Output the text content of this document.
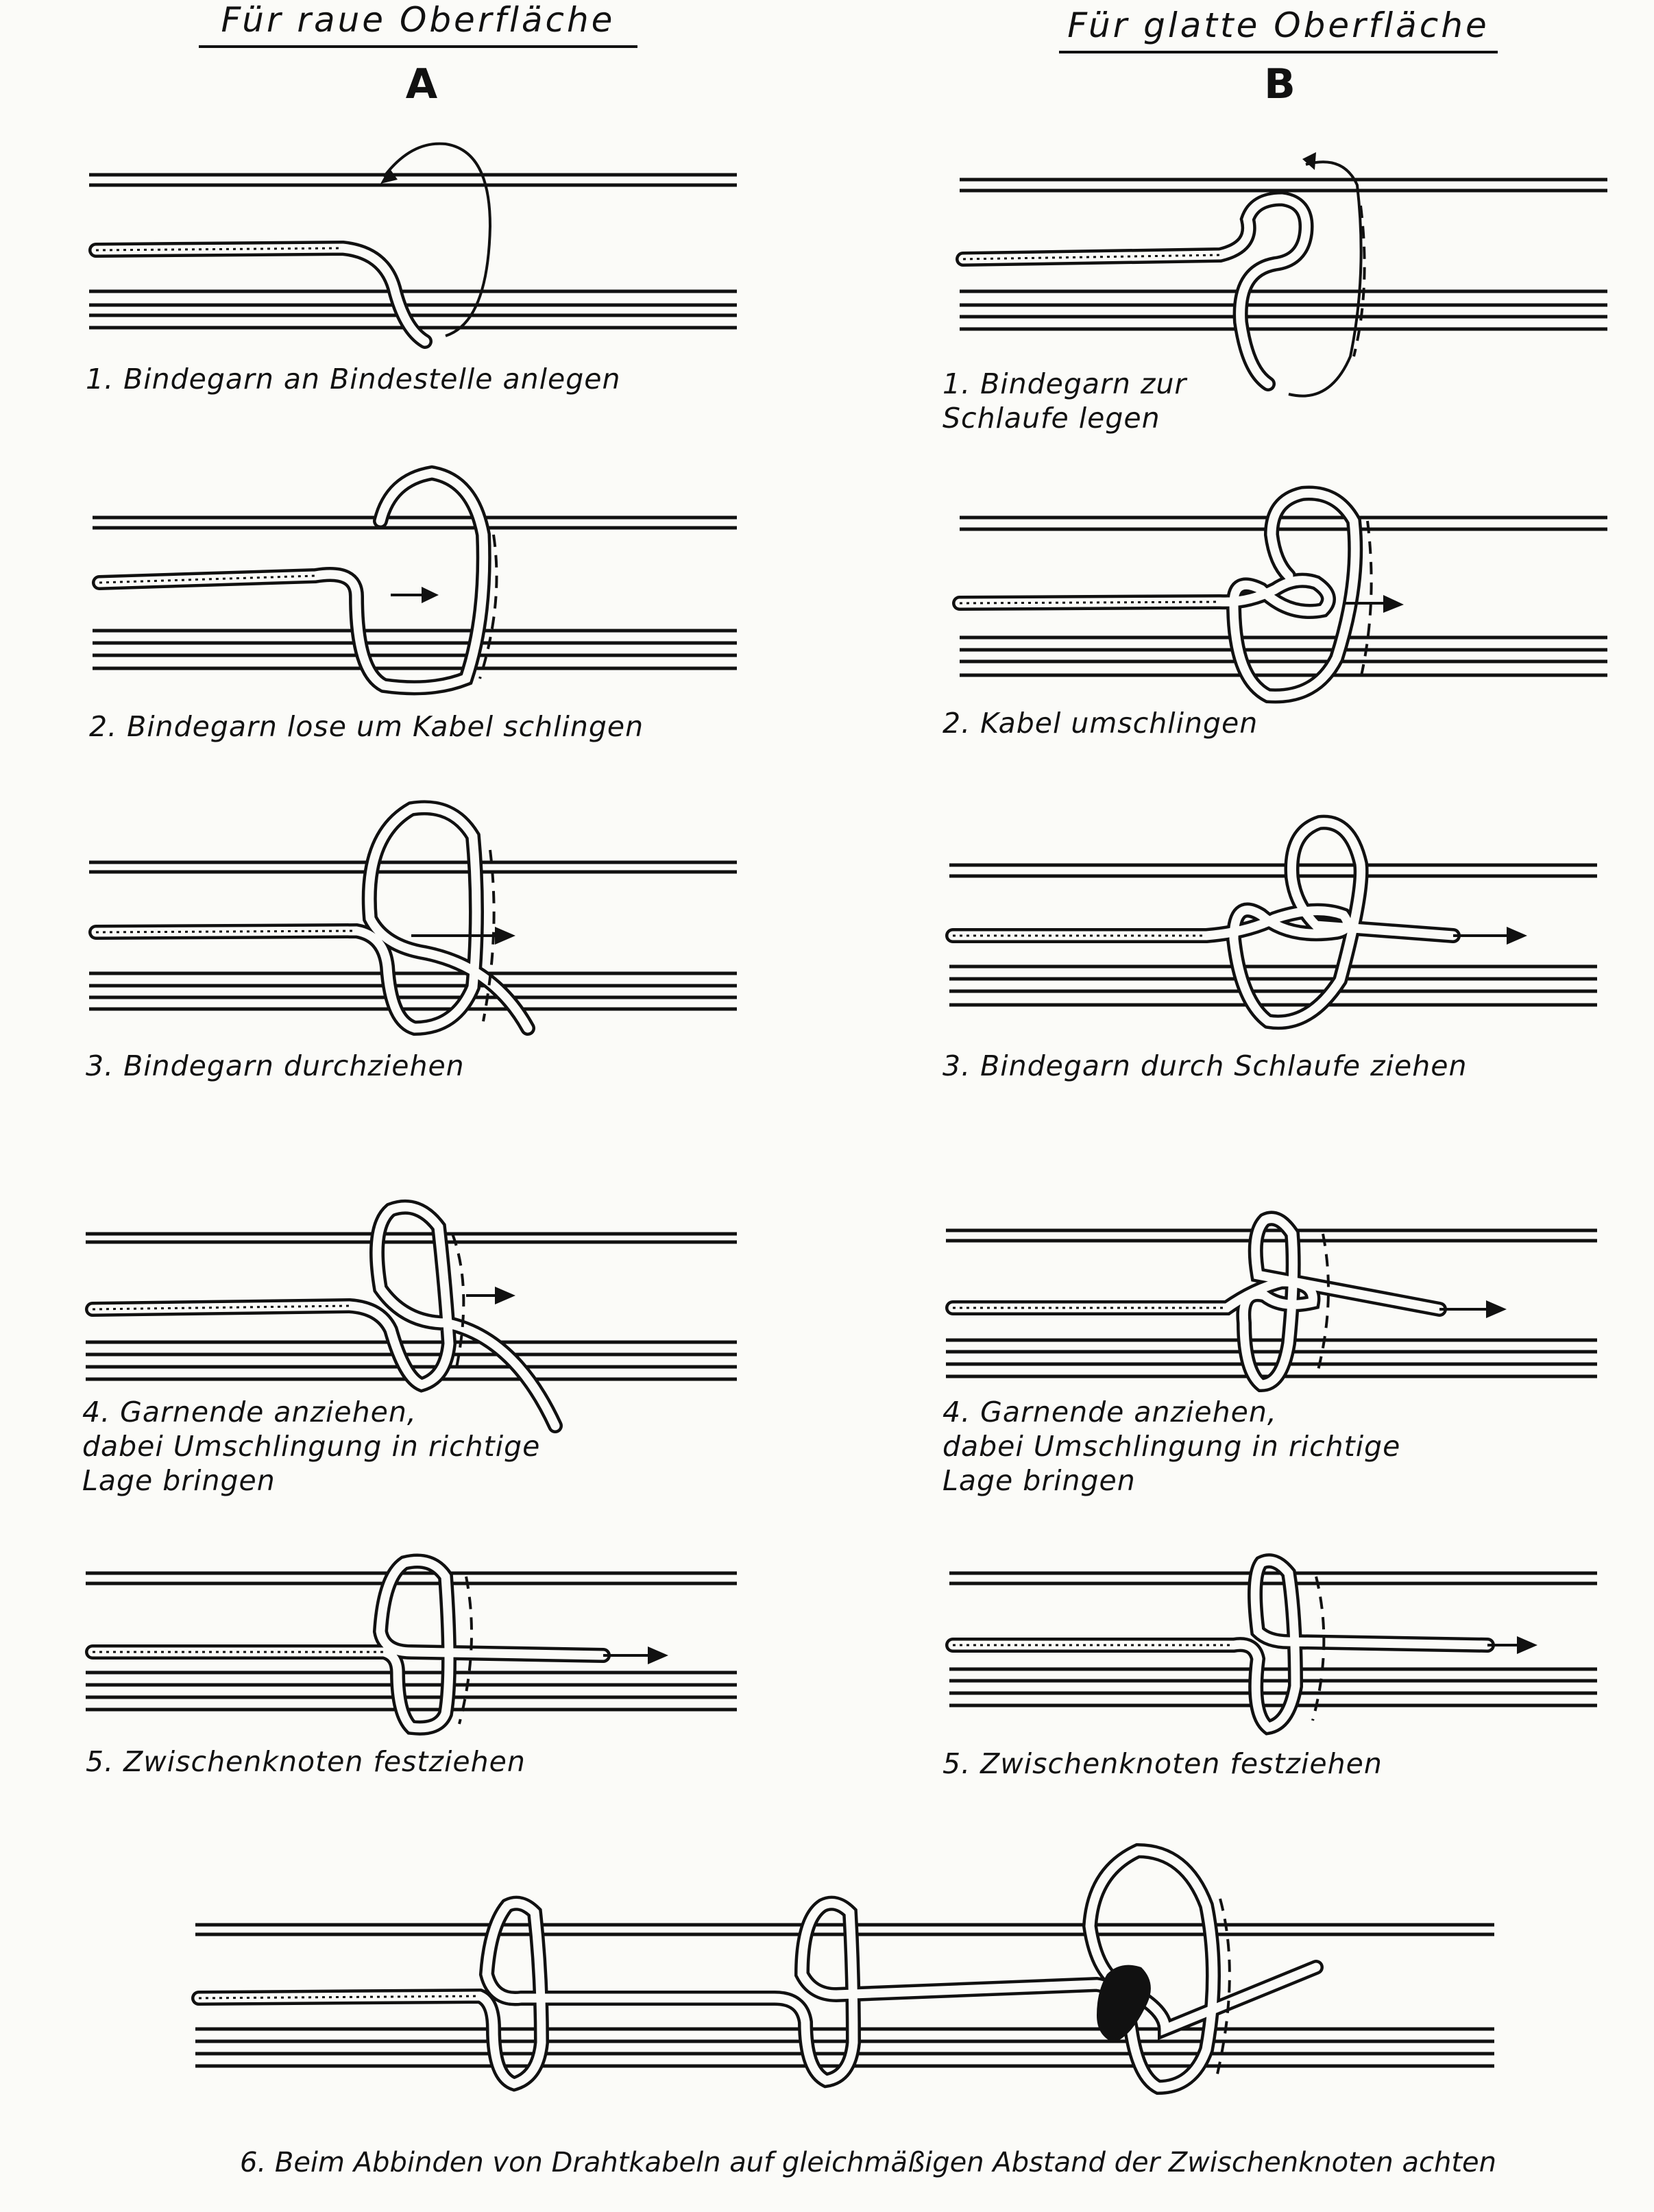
Für raue Oberfläche
A
Für glatte Oberfläche
B
1. Bindegarn an Bindestelle anlegen
2. Bindegarn lose um Kabel schlingen
3. Bindegarn durchziehen
4. Garnende anziehen,
dabei Umschlingung in richtige
Lage bringen
5. Zwischenknoten festziehen
1. Bindegarn zur
Schlaufe legen
2. Kabel umschlingen
3. Bindegarn durch Schlaufe ziehen
4. Garnende anziehen,
dabei Umschlingung in richtige
Lage bringen
5. Zwischenknoten festziehen
6. Beim Abbinden von Drahtkabeln auf gleichmäßigen Abstand der Zwischenknoten achten
